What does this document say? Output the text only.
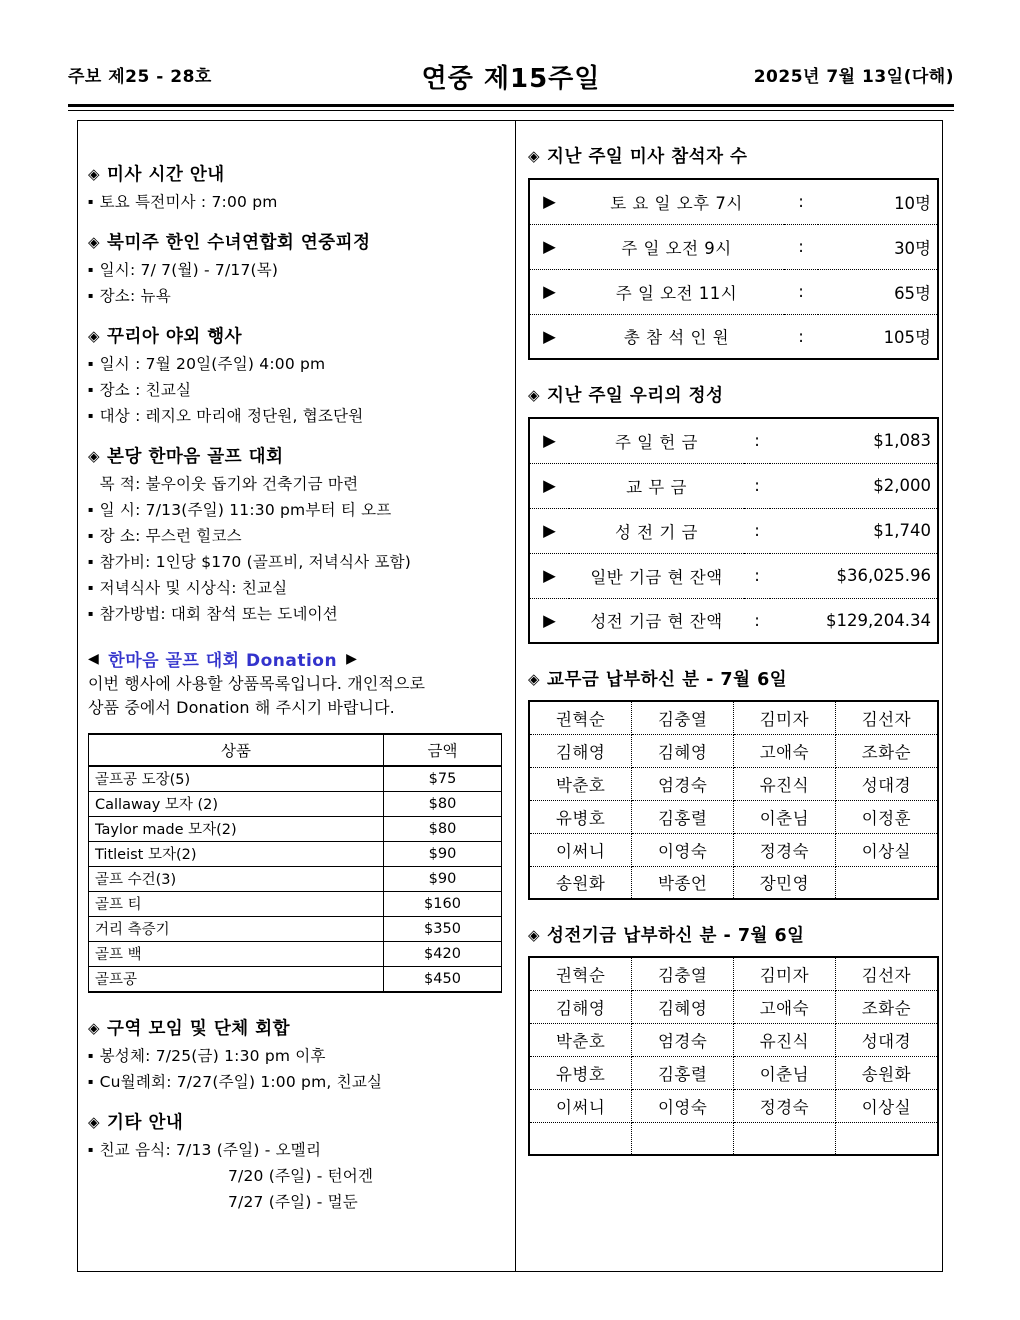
주보 제25 - 28호	연중 제15주일	2025년 7월 13일(다해)
◈ 미사 시간 안내
▪ 토요 특전미사 : 7:00 pm
◈ 북미주 한인 수녀연합회 연중피정
▪ 일시: 7/ 7(월) - 7/17(목)
▪ 장소: 뉴욕
◈ 꾸리아 야외 행사
▪ 일시 : 7월 20일(주일) 4:00 pm
▪ 장소 : 친교실
▪ 대상 : 레지오 마리애 정단원, 협조단원
◈ 본당 한마음 골프 대회
목 적: 불우이웃 돕기와 건축기금 마련
▪ 일 시: 7/13(주일) 11:30 pm부터 티 오프
▪ 장 소: 무스런 힐코스
▪ 참가비: 1인당 $170 (골프비, 저녁식사 포함)
▪ 저녁식사 및 시상식: 친교실
▪ 참가방법: 대회 참석 또는 도네이션
◀ 한마음 골프 대회 Donation ▶
이번 행사에 사용할 상품목록입니다. 개인적으로
상품 중에서 Donation 해 주시기 바랍니다.
상품	금액
골프공 도장(5)	$75
Callaway 모자 (2)	$80
Taylor made 모자(2)	$80
Titleist 모자(2)	$90
골프 수건(3)	$90
골프 티	$160
거리 측증기	$350
골프 백	$420
골프공	$450
◈ 구역 모임 및 단체 회합
▪ 봉성체: 7/25(금) 1:30 pm 이후
▪ Cu월례회: 7/27(주일) 1:00 pm, 친교실
◈ 기타 안내
▪ 친교 음식: 7/13 (주일) - 오멜리
7/20 (주일) - 턴어겐
7/27 (주일) - 멀둔
◈ 지난 주일 미사 참석자 수
▶	토 요 일 오후 7시	:	10명
▶	주 일 오전 9시	:	30명
▶	주 일 오전 11시	:	65명
▶	총 참 석 인 원	:	105명
◈ 지난 주일 우리의 정성
▶	주 일 헌 금	:	$1,083
▶	교 무 금	:	$2,000
▶	성 전 기 금	:	$1,740
▶	일반 기금 현 잔액	:	$36,025.96
▶	성전 기금 현 잔액	:	$129,204.34
◈ 교무금 납부하신 분 - 7월 6일
권혁순	김충열	김미자	김선자
김해영	김혜영	고애숙	조화순
박춘호	엄경숙	유진식	성대경
유병호	김홍렬	이춘님	이정훈
이써니	이영숙	정경숙	이상실
송원화	박종언	장민영	
◈ 성전기금 납부하신 분 - 7월 6일
권혁순	김충열	김미자	김선자
김해영	김혜영	고애숙	조화순
박춘호	엄경숙	유진식	성대경
유병호	김홍렬	이춘님	송원화
이써니	이영숙	정경숙	이상실
